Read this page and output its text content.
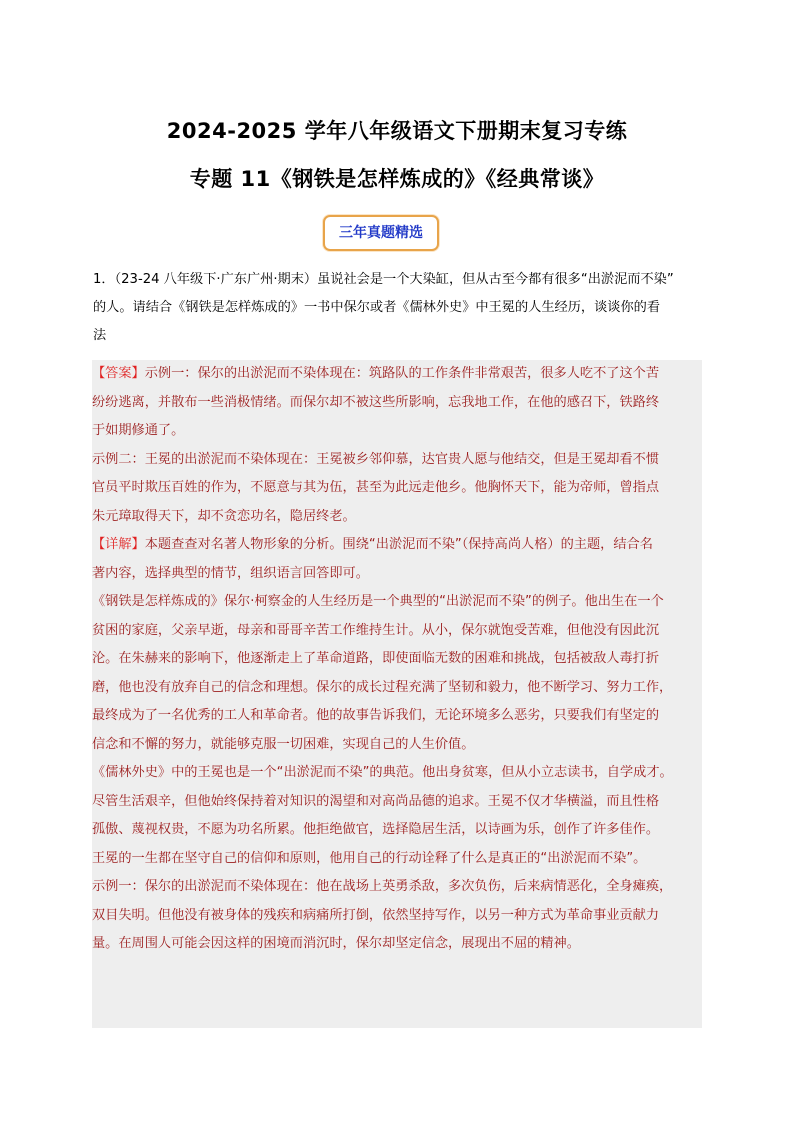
2024-2025 学年八年级语文下册期末复习专练
专题 11《钢铁是怎样炼成的》《经典常谈》
三年真题精选
1．（23-24 八年级下·广东广州·期末）虽说社会是一个大染缸，但从古至今都有很多“出淤泥而不染”
的人。请结合《钢铁是怎样炼成的》一书中保尔或者《儒林外史》中王冕的人生经历，谈谈你的看
法
【答案】示例一：保尔的出淤泥而不染体现在：筑路队的工作条件非常艰苦，很多人吃不了这个苦
纷纷逃离，并散布一些消极情绪。而保尔却不被这些所影响，忘我地工作，在他的感召下，铁路终
于如期修通了。
示例二：王冕的出淤泥而不染体现在：王冕被乡邻仰慕，达官贵人愿与他结交，但是王冕却看不惯
官员平时欺压百姓的作为，不愿意与其为伍，甚至为此远走他乡。他胸怀天下，能为帝师，曾指点
朱元璋取得天下，却不贪恋功名，隐居终老。
【详解】本题查查对名著人物形象的分析。围绕“出淤泥而不染”（保持高尚人格）的主题，结合名
著内容，选择典型的情节，组织语言回答即可。
《钢铁是怎样炼成的》保尔·柯察金的人生经历是一个典型的“出淤泥而不染”的例子。他出生在一个
贫困的家庭，父亲早逝，母亲和哥哥辛苦工作维持生计。从小，保尔就饱受苦难，但他没有因此沉
沦。在朱赫来的影响下，他逐渐走上了革命道路，即使面临无数的困难和挑战，包括被敌人毒打折
磨，他也没有放弃自己的信念和理想。保尔的成长过程充满了坚韧和毅力，他不断学习、努力工作，
最终成为了一名优秀的工人和革命者。他的故事告诉我们，无论环境多么恶劣，只要我们有坚定的
信念和不懈的努力，就能够克服一切困难，实现自己的人生价值。
《儒林外史》中的王冕也是一个“出淤泥而不染”的典范。他出身贫寒，但从小立志读书，自学成才。
尽管生活艰辛，但他始终保持着对知识的渴望和对高尚品德的追求。王冕不仅才华横溢，而且性格
孤傲、蔑视权贵，不愿为功名所累。他拒绝做官，选择隐居生活，以诗画为乐，创作了许多佳作。
王冕的一生都在坚守自己的信仰和原则，他用自己的行动诠释了什么是真正的“出淤泥而不染”。
示例一：保尔的出淤泥而不染体现在：他在战场上英勇杀敌，多次负伤，后来病情恶化，全身瘫痪，
双目失明。但他没有被身体的残疾和病痛所打倒，依然坚持写作，以另一种方式为革命事业贡献力
量。在周围人可能会因这样的困境而消沉时，保尔却坚定信念，展现出不屈的精神。
